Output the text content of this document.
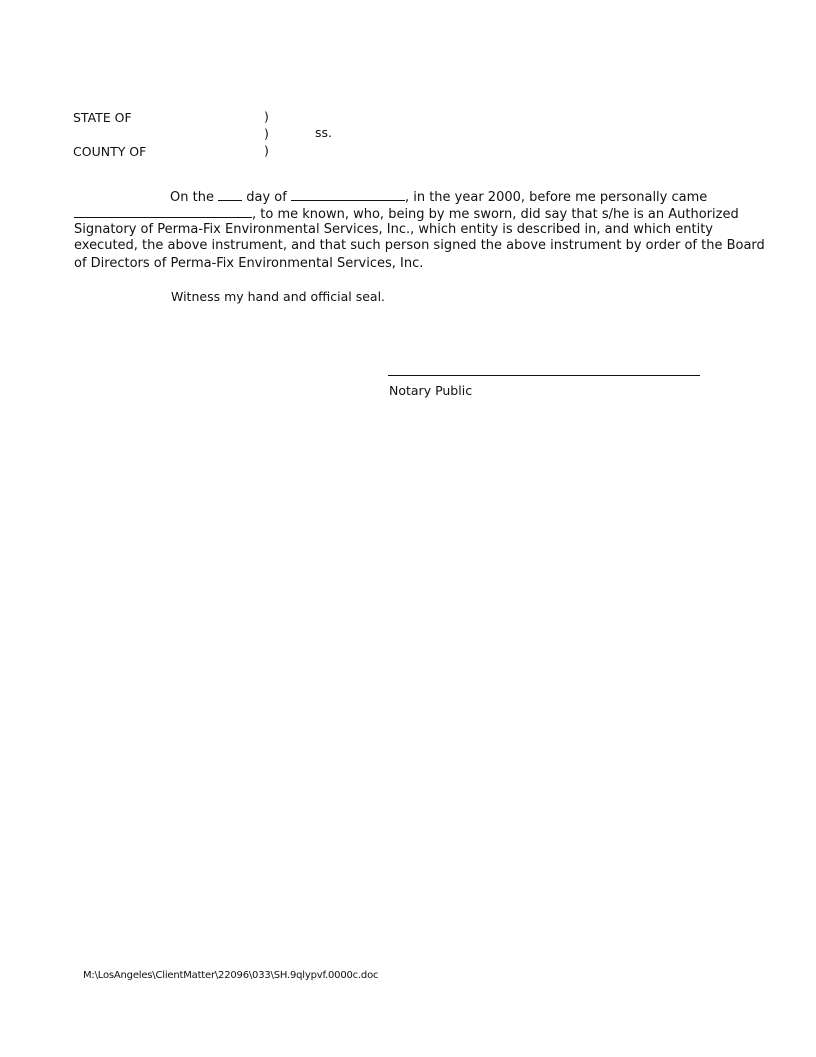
STATE OF
COUNTY OF
)
)
)
ss.
On the day of	, in the year 2000, before me personally came
, to me known, who, being by me sworn, did say that s/he is an Authorized
Signatory of Perma-Fix Environmental Services, Inc., which entity is described in, and which entity
executed, the above instrument, and that such person signed the above instrument by order of the Board
of Directors of Perma-Fix Environmental Services, Inc.
Witness my hand and official seal.
Notary Public
M:\LosAngeles\ClientMatter\22096\033\SH.9qlypvf.0000c.doc
